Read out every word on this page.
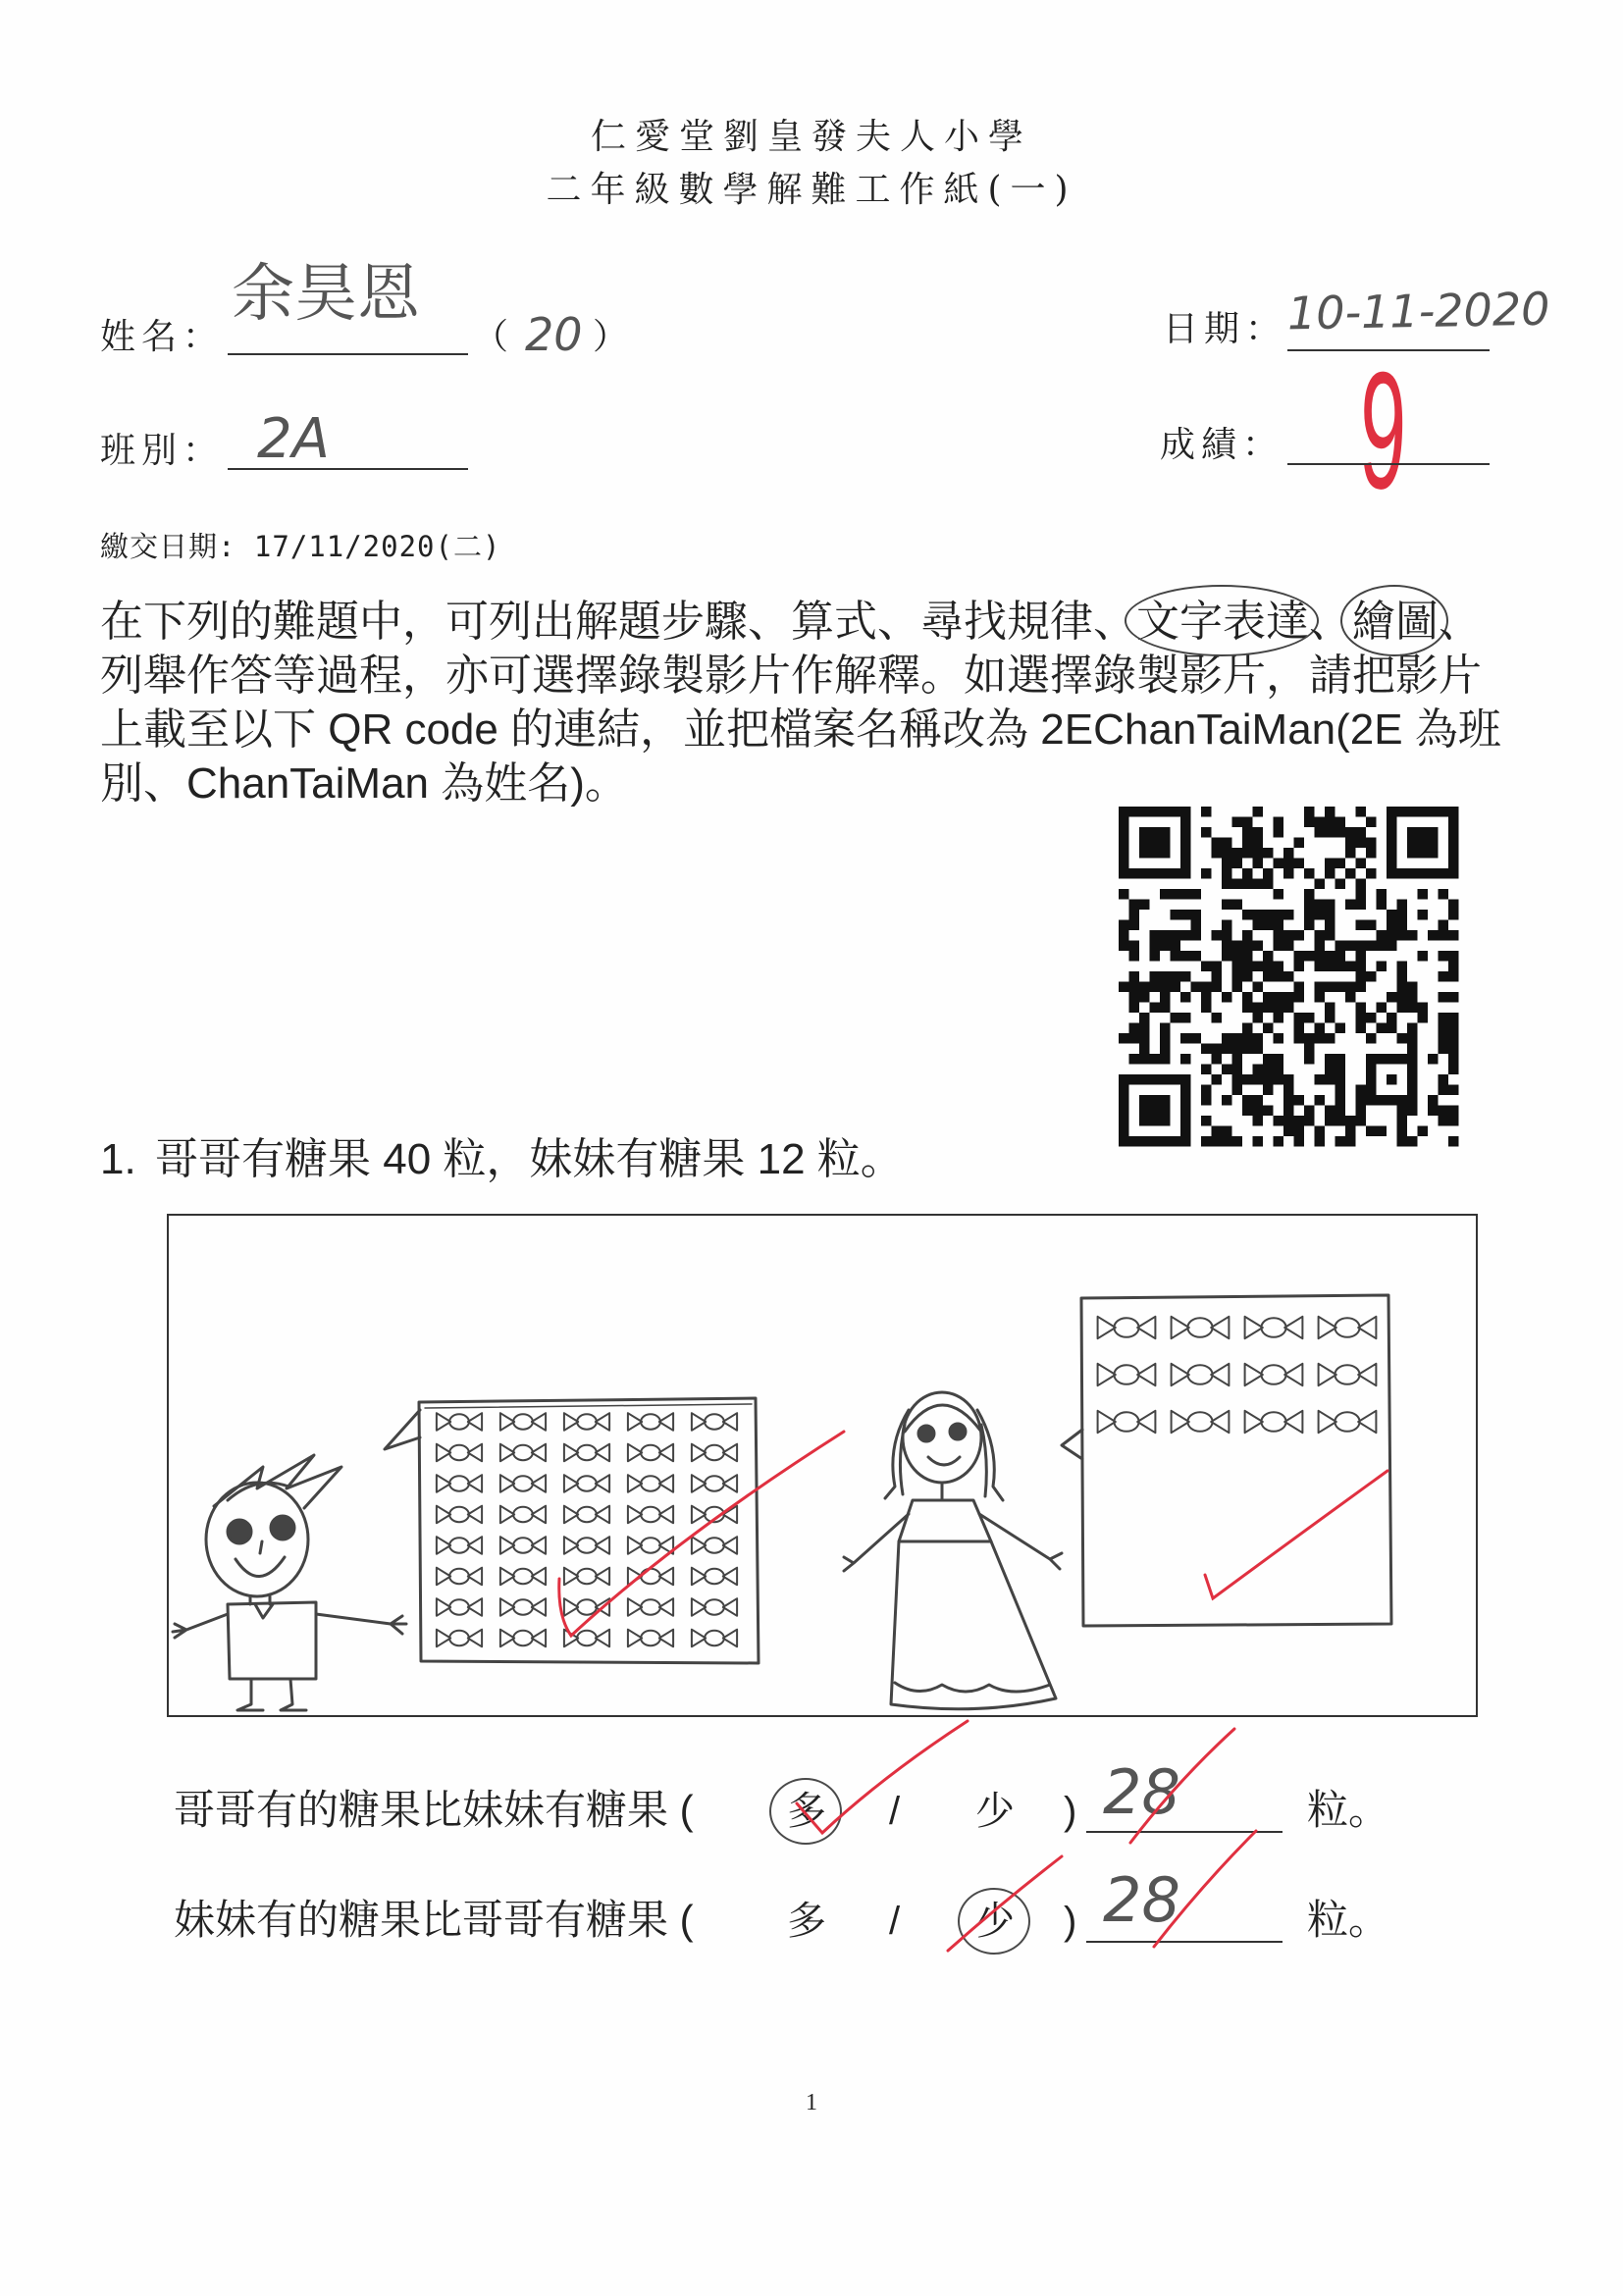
仁愛堂劉皇發夫人小學
二年級數學解難工作紙(一)
姓名：
余昊恩
（ 20 ）	日期： 10-11-2020
班別： 2A	成績： 9
繳交日期: 17/11/2020(二)
在下列的難題中，可列出解題步驟、算式、尋找規律、文字表達、繪圖、
列舉作答等過程，亦可選擇錄製影片作解釋。如選擇錄製影片，請把影片
上載至以下 QR code 的連結，並把檔案名稱改為 2EChanTaiMan(2E 為班
別、ChanTaiMan 為姓名)。
1. 哥哥有糖果 40 粒，妹妹有糖果 12 粒。
哥哥有的糖果比妹妹有糖果 ( 多 / 少 ) 28	粒。
妹妹有的糖果比哥哥有糖果 ( 多 / 少 ) 28	粒。
1
